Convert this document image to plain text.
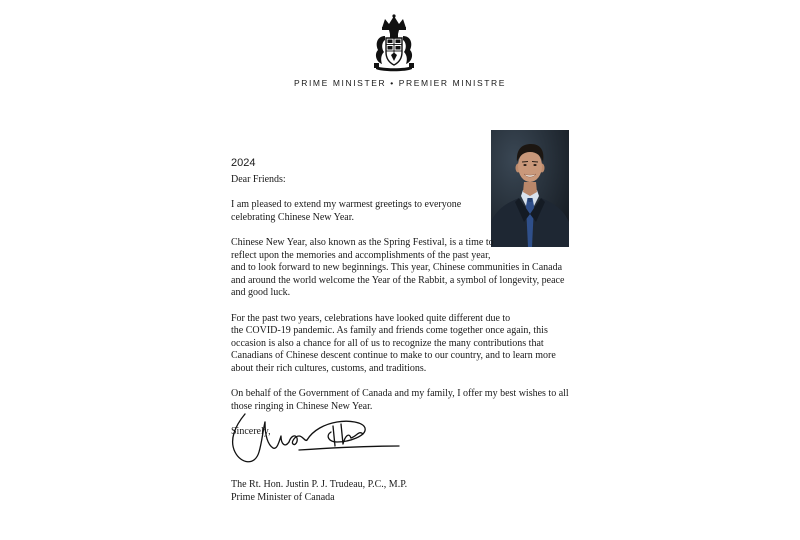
PRIME MINISTER • PREMIER MINISTRE
2024

Dear Friends:

I am pleased to extend my warmest greetings to everyone
celebrating Chinese New Year.

Chinese New Year, also known as the Spring Festival, is a time to
reflect upon the memories and accomplishments of the past year,
and to look forward to new beginnings. This year, Chinese communities in Canada
and around the world welcome the Year of the Rabbit, a symbol of longevity, peace
and good luck.

For the past two years, celebrations have looked quite different due to
the COVID-19 pandemic. As family and friends come together once again, this
occasion is also a chance for all of us to recognize the many contributions that
Canadians of Chinese descent continue to make to our country, and to learn more
about their rich cultures, customs, and traditions.

On behalf of the Government of Canada and my family, I offer my best wishes to all
those ringing in Chinese New Year.

Sincerely,

The Rt. Hon. Justin P. J. Trudeau, P.C., M.P.
Prime Minister of Canada
